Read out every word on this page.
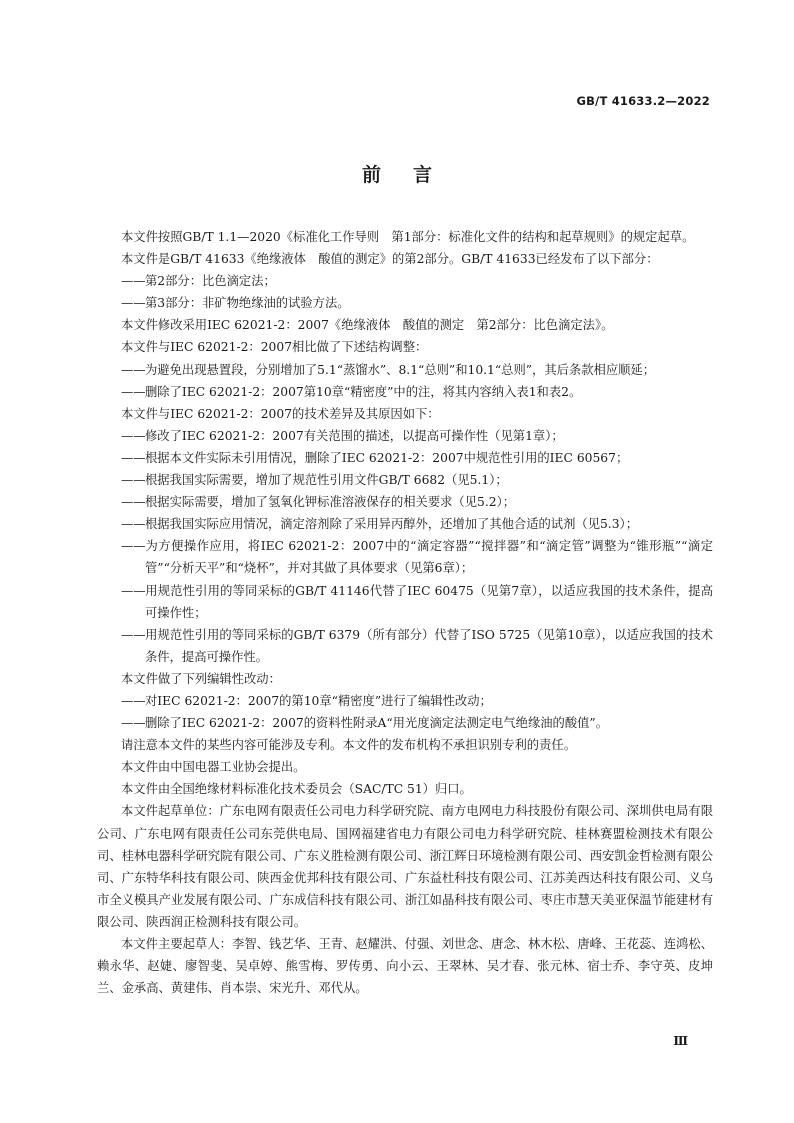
GB/T 41633.2—2022
前言
本文件按照GB/T 1.1—2020《标准化工作导则　第1部分：标准化文件的结构和起草规则》的规定起草。
本文件是GB/T 41633《绝缘液体　酸值的测定》的第2部分。GB/T 41633已经发布了以下部分：
——第2部分：比色滴定法；
——第3部分：非矿物绝缘油的试验方法。
本文件修改采用IEC 62021-2：2007《绝缘液体　酸值的测定　第2部分：比色滴定法》。
本文件与IEC 62021-2：2007相比做了下述结构调整：
——为避免出现悬置段，分别增加了5.1“蒸馏水”、8.1“总则”和10.1“总则”，其后条款相应顺延；
——删除了IEC 62021-2：2007第10章“精密度”中的注，将其内容纳入表1和表2。
本文件与IEC 62021-2：2007的技术差异及其原因如下：
——修改了IEC 62021-2：2007有关范围的描述，以提高可操作性（见第1章）；
——根据本文件实际未引用情况，删除了IEC 62021-2：2007中规范性引用的IEC 60567；
——根据我国实际需要，增加了规范性引用文件GB/T 6682（见5.1）；
——根据实际需要，增加了氢氧化钾标准溶液保存的相关要求（见5.2）；
——根据我国实际应用情况，滴定溶剂除了采用异丙醇外，还增加了其他合适的试剂（见5.3）；
——为方便操作应用，将IEC 62021-2：2007中的“滴定容器”“搅拌器”和“滴定管”调整为“锥形瓶”“滴定管”“分析天平”和“烧杯”，并对其做了具体要求（见第6章）；
——用规范性引用的等同采标的GB/T 41146代替了IEC 60475（见第7章），以适应我国的技术条件，提高可操作性；
——用规范性引用的等同采标的GB/T 6379（所有部分）代替了ISO 5725（见第10章），以适应我国的技术条件，提高可操作性。
本文件做了下列编辑性改动：
——对IEC 62021-2：2007的第10章“精密度”进行了编辑性改动；
——删除了IEC 62021-2：2007的资料性附录A“用光度滴定法测定电气绝缘油的酸值”。
请注意本文件的某些内容可能涉及专利。本文件的发布机构不承担识别专利的责任。
本文件由中国电器工业协会提出。
本文件由全国绝缘材料标准化技术委员会（SAC/TC 51）归口。
本文件起草单位：广东电网有限责任公司电力科学研究院、南方电网电力科技股份有限公司、深圳供电局有限公司、广东电网有限责任公司东莞供电局、国网福建省电力有限公司电力科学研究院、桂林赛盟检测技术有限公司、桂林电器科学研究院有限公司、广东义胜检测有限公司、浙江辉日环境检测有限公司、西安凯金哲检测有限公司、广东特华科技有限公司、陕西金优邦科技有限公司、广东益杜科技有限公司、江苏美西达科技有限公司、义乌市全义模具产业发展有限公司、广东成信科技有限公司、浙江如晶科技有限公司、枣庄市慧天美亚保温节能建材有限公司、陕西润正检测科技有限公司。
本文件主要起草人：李智、钱艺华、王青、赵耀洪、付强、刘世念、唐念、林木松、唐峰、王花蕊、连鸿松、赖永华、赵婕、廖智斐、吴卓婷、熊雪梅、罗传勇、向小云、王翠林、吴才春、张元林、宿士乔、李守英、皮坤兰、金承高、黄建伟、肖本崇、宋光升、邓代从。
Ⅲ
